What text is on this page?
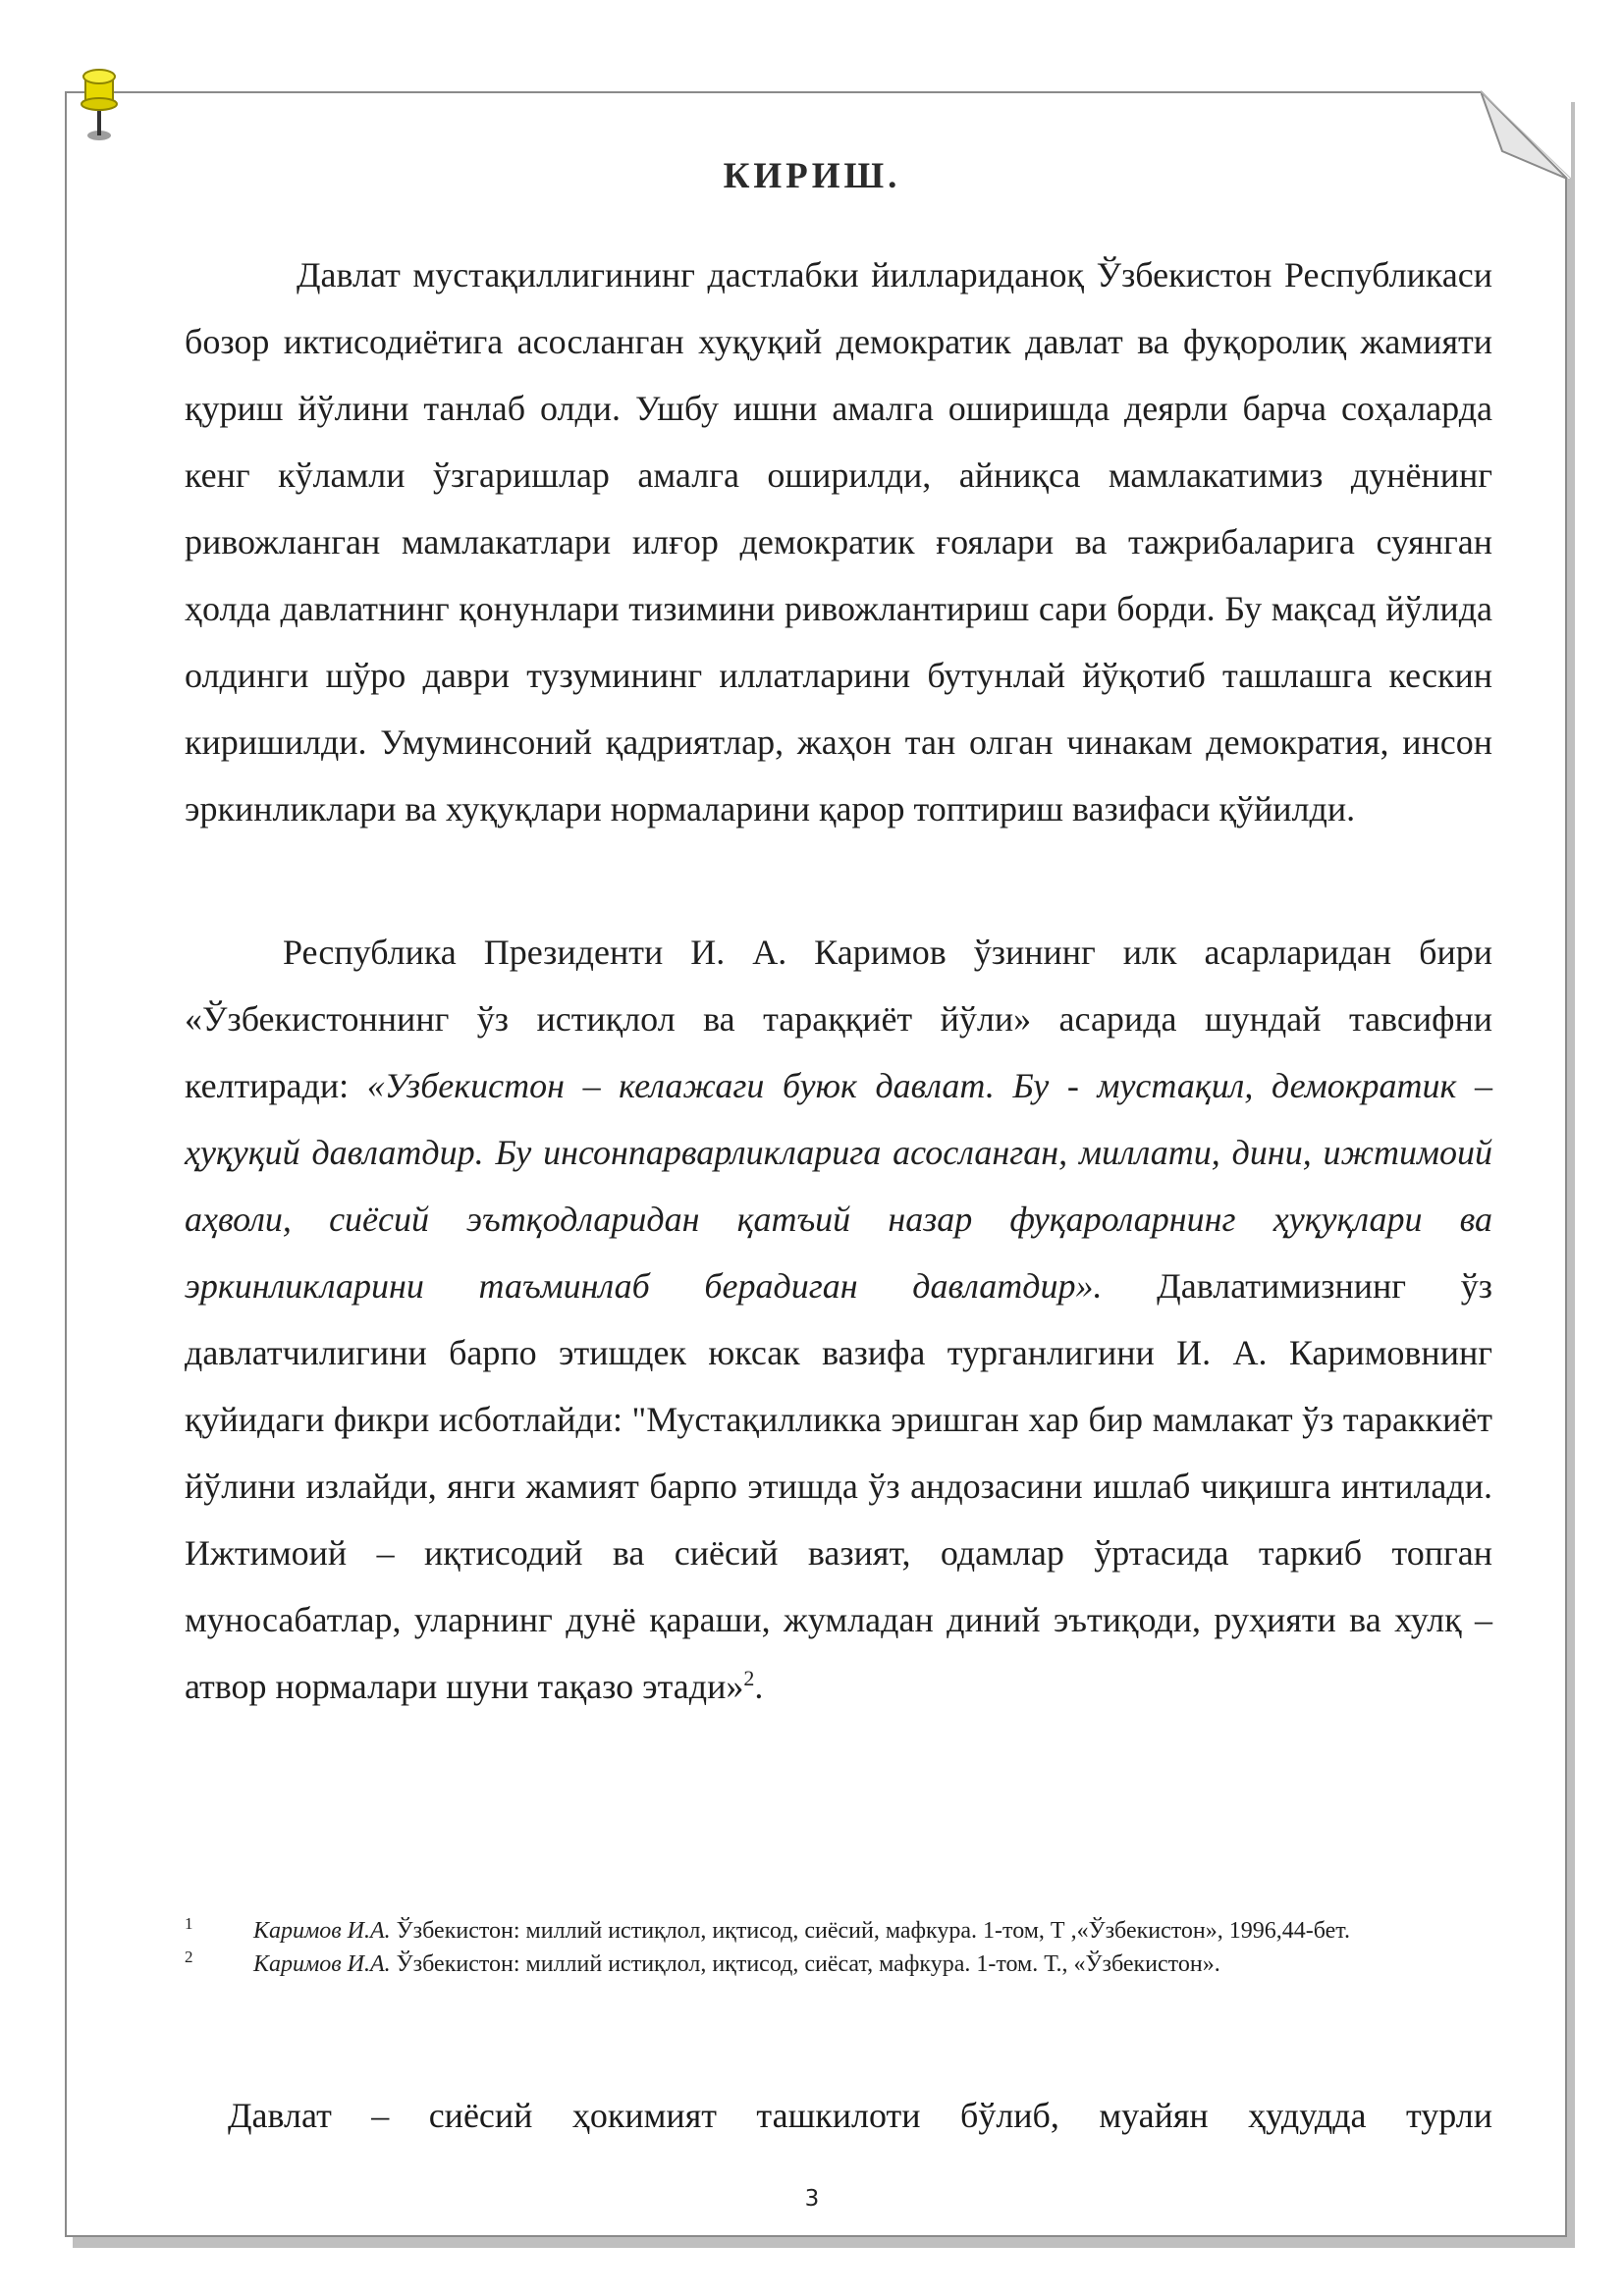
КИРИШ.

Давлат мустақиллигининг дастлабки йиллариданоқ Ўзбекистон Республикаси бозор иктисодиётига асосланган хуқуқий демократик давлат ва фуқоролиқ жамияти қуриш йўлини танлаб олди. Ушбу ишни амалга оширишда деярли барча соҳаларда кенг кўламли ўзгаришлар амалга оширилди, айниқса мамлакатимиз дунёнинг ривожланган мамлакатлари илғор демократик ғоялари ва тажрибаларига суянган ҳолда давлатнинг қонунлари тизимини ривожлантириш сари борди. Бу мақсад йўлида олдинги шўро даври тузумининг иллатларини бутунлай йўқотиб ташлашга кескин киришилди. Умуминсоний қадриятлар, жаҳон тан олган чинакам демократия, инсон эркинликлари ва хуқуқлари нормаларини қарор топтириш вазифаси қўйилди.

Республика Президенти И. А. Каримов ўзининг илк асарларидан бири «Ўзбекистоннинг ўз истиқлол ва тараққиёт йўли» асарида шундай тавсифни келтиради: «Узбекистон – келажаги буюк давлат. Бу - мустақил, демократик – ҳуқуқий давлатдир. Бу инсонпарварликларига асосланган, миллати, дини, ижтимоий аҳволи, сиёсий эътқодларидан қатъий назар фуқароларнинг ҳуқуқлари ва эркинликларини таъминлаб берадиган давлатдир». Давлатимизнинг ўз давлатчилигини барпо этишдек юксак вазифа турганлигини И. А. Каримовнинг қуйидаги фикри исботлайди: "Мустақилликка эришган хар бир мамлакат ўз тараккиёт йўлини излайди, янги жамият барпо этишда ўз андозасини ишлаб чиқишга интилади. Ижтимоий – иқтисодий ва сиёсий вазият, одамлар ўртасида таркиб топган муносабатлар, уларнинг дунё қараши, жумладан диний эътиқоди, руҳияти ва хулқ – атвор нормалари шуни тақазо этади»$^2$.

1	Каримов И.А. Ўзбекистон: миллий истиқлол, иқтисод, сиёсий, мафкура. 1-том, Т ,«Ўзбекистон», 1996,44-бет.

2	Каримов И.А. Ўзбекистон: миллий истиқлол, иқтисод, сиёсат, мафкура. 1-том. Т., «Ўзбекистон».

Давлат – сиёсий ҳокимият ташкилоти бўлиб, муайян ҳудудда турли

3
